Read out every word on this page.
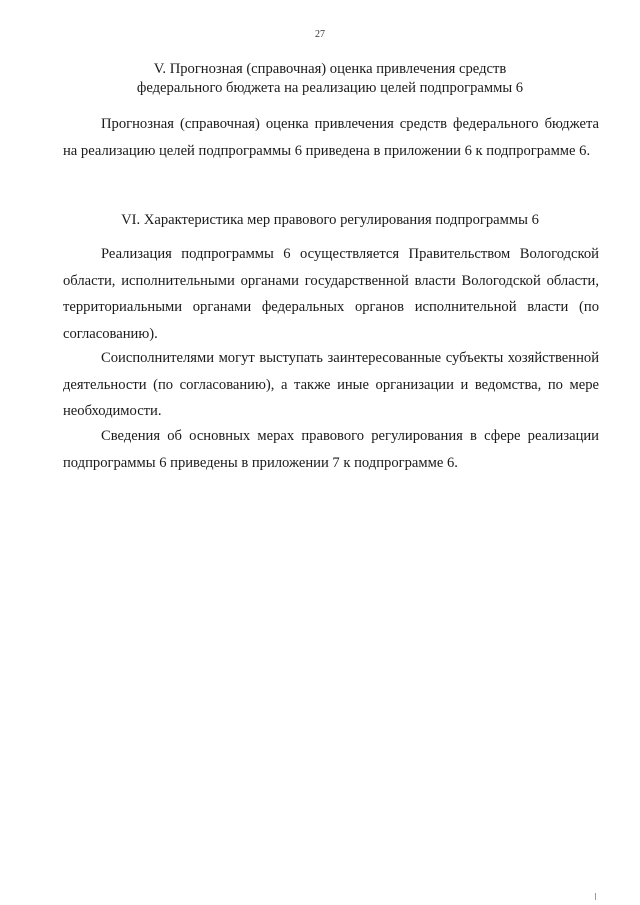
27
V. Прогнозная (справочная) оценка привлечения средств
федерального бюджета на реализацию целей подпрограммы 6

Прогнозная (справочная) оценка привлечения средств федерального бюджета на реализацию целей подпрограммы 6 приведена в приложении 6 к подпрограмме 6.

VI. Характеристика мер правового регулирования подпрограммы 6

Реализация подпрограммы 6 осуществляется Правительством Вологодской области, исполнительными органами государственной власти Вологодской области, территориальными органами федеральных органов исполнительной власти (по согласованию).

Соисполнителями могут выступать заинтересованные субъекты хозяйственной деятельности (по согласованию), а также иные организации и ведомства, по мере необходимости.

Сведения об основных мерах правового регулирования в сфере реализации подпрограммы 6 приведены в приложении 7 к подпрограмме 6.
